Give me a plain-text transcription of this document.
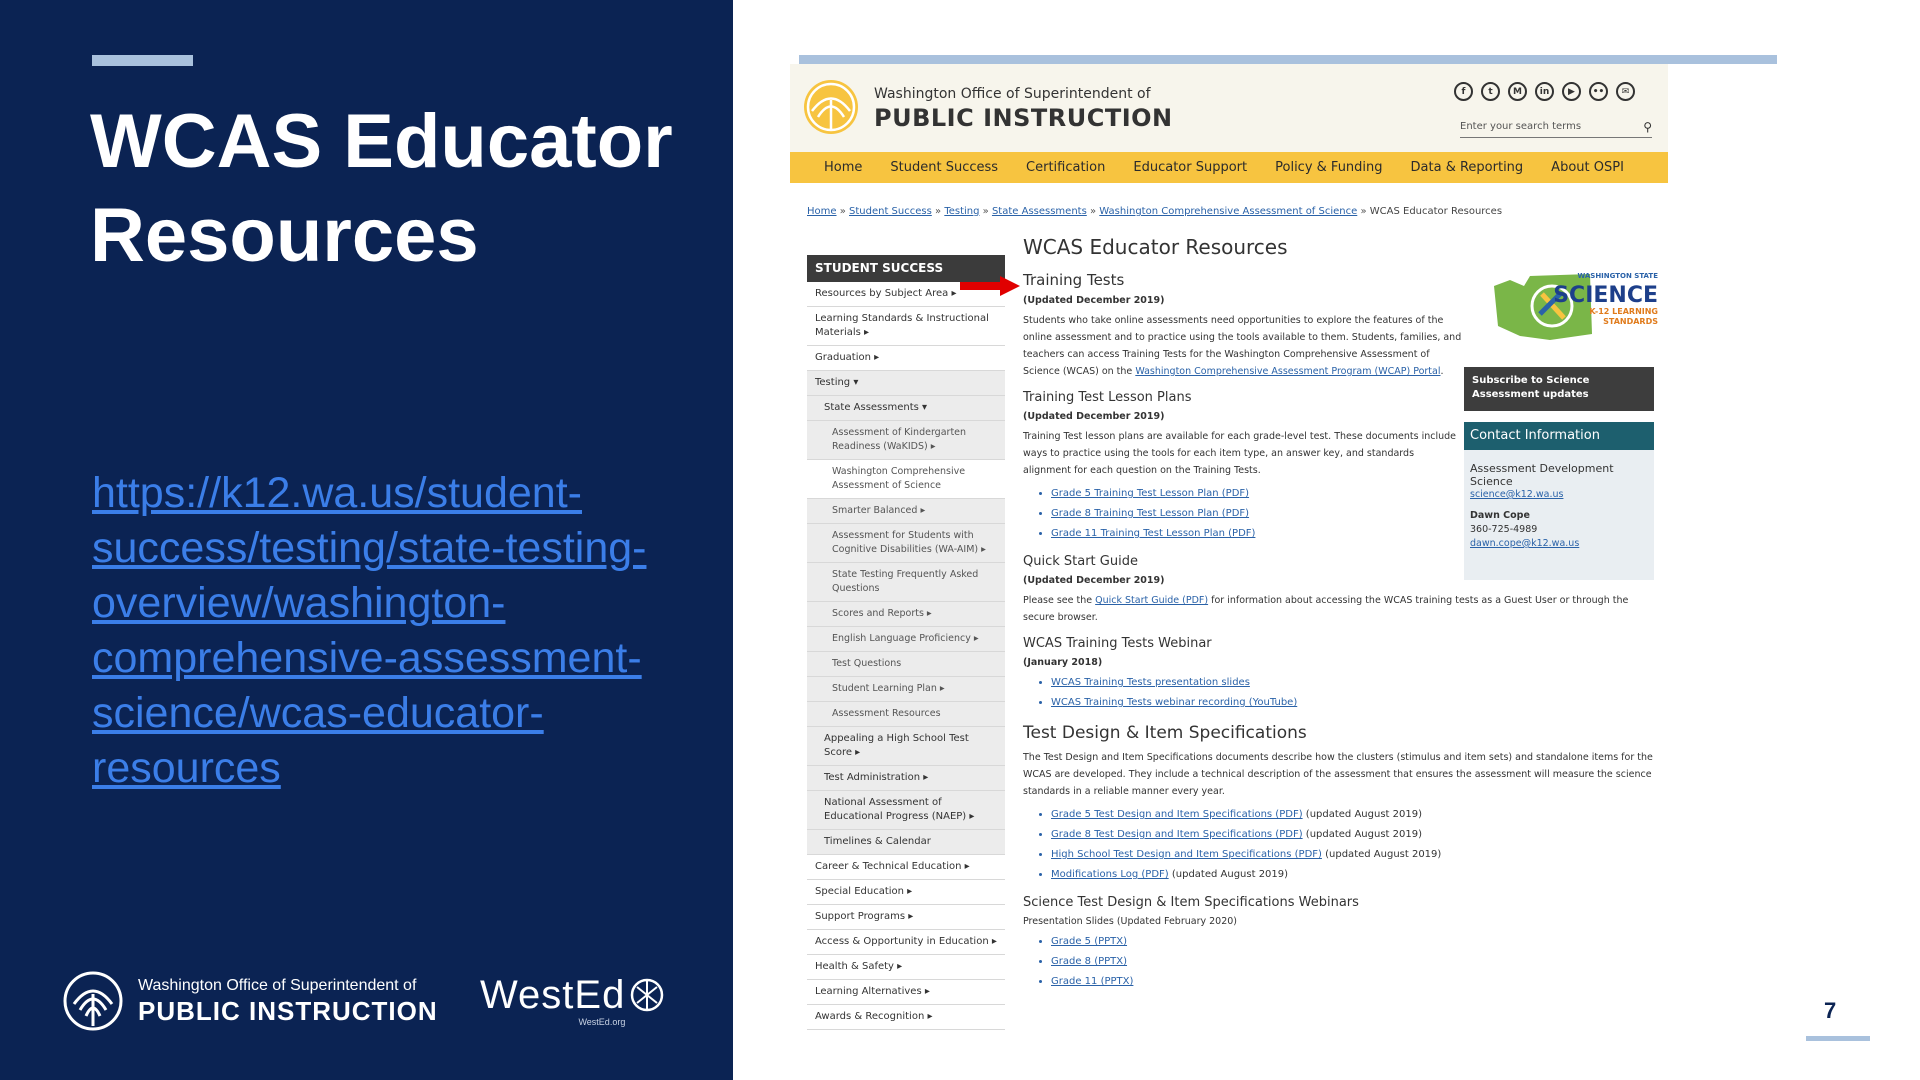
WCAS Educator Resources
https://k12.wa.us/student-success/testing/state-testing-overview/washington-comprehensive-assessment-science/wcas-educator-resources
Washington Office of Superintendent of
PUBLIC INSTRUCTION WestEd
WestEd.org	7
Washington Office of Superintendent of
PUBLIC INSTRUCTION
f	t	M	in	▶	••	✉
Enter your search terms	⚲
Home Student Success Certification Educator Support Policy & Funding Data & Reporting About OSPI
Home » Student Success » Testing » State Assessments » Washington Comprehensive Assessment of Science » WCAS Educator Resources
STUDENT SUCCESS
Resources by Subject Area ▸
Learning Standards & Instructional Materials ▸
Graduation ▸
Testing ▾
State Assessments ▾
Assessment of Kindergarten Readiness (WaKIDS) ▸
Washington Comprehensive Assessment of Science
Smarter Balanced ▸
Assessment for Students with Cognitive Disabilities (WA-AIM) ▸
State Testing Frequently Asked Questions
Scores and Reports ▸
English Language Proficiency ▸
Test Questions
Student Learning Plan ▸
Assessment Resources
Appealing a High School Test Score ▸
Test Administration ▸
National Assessment of Educational Progress (NAEP) ▸
Timelines & Calendar
Career & Technical Education ▸
Special Education ▸
Support Programs ▸
Access & Opportunity in Education ▸
Health & Safety ▸
Learning Alternatives ▸
Awards & Recognition ▸
WCAS Educator Resources
Training Tests
(Updated December 2019)
Students who take online assessments need opportunities to explore the features of the online assessment and to practice using the tools available to them. Students, families, and teachers can access Training Tests for the Washington Comprehensive Assessment of Science (WCAS) on the Washington Comprehensive Assessment Program (WCAP) Portal.
Training Test Lesson Plans
(Updated December 2019)
Training Test lesson plans are available for each grade-level test. These documents include ways to practice using the tools for each item type, an answer key, and standards alignment for each question on the Training Tests.
• Grade 5 Training Test Lesson Plan (PDF)
• Grade 8 Training Test Lesson Plan (PDF)
• Grade 11 Training Test Lesson Plan (PDF)
Quick Start Guide
(Updated December 2019)
Please see the Quick Start Guide (PDF) for information about accessing the WCAS training tests as a Guest User or through the secure browser.
WCAS Training Tests Webinar
(January 2018)
• WCAS Training Tests presentation slides
• WCAS Training Tests webinar recording (YouTube)
Test Design & Item Specifications
The Test Design and Item Specifications documents describe how the clusters (stimulus and item sets) and standalone items for the WCAS are developed. They include a technical description of the assessment that ensures the assessment will measure the science standards in a reliable manner every year.
• Grade 5 Test Design and Item Specifications (PDF) (updated August 2019)
• Grade 8 Test Design and Item Specifications (PDF) (updated August 2019)
• High School Test Design and Item Specifications (PDF) (updated August 2019)
• Modifications Log (PDF) (updated August 2019)
Science Test Design & Item Specifications Webinars
Presentation Slides (Updated February 2020)
• Grade 5 (PPTX)
• Grade 8 (PPTX)
• Grade 11 (PPTX)
WASHINGTON STATE
SCIENCE
K-12 LEARNING
STANDARDS
Subscribe to Science Assessment updates
Contact Information
Assessment Development
Science
science@k12.wa.us
Dawn Cope
360-725-4989
dawn.cope@k12.wa.us
